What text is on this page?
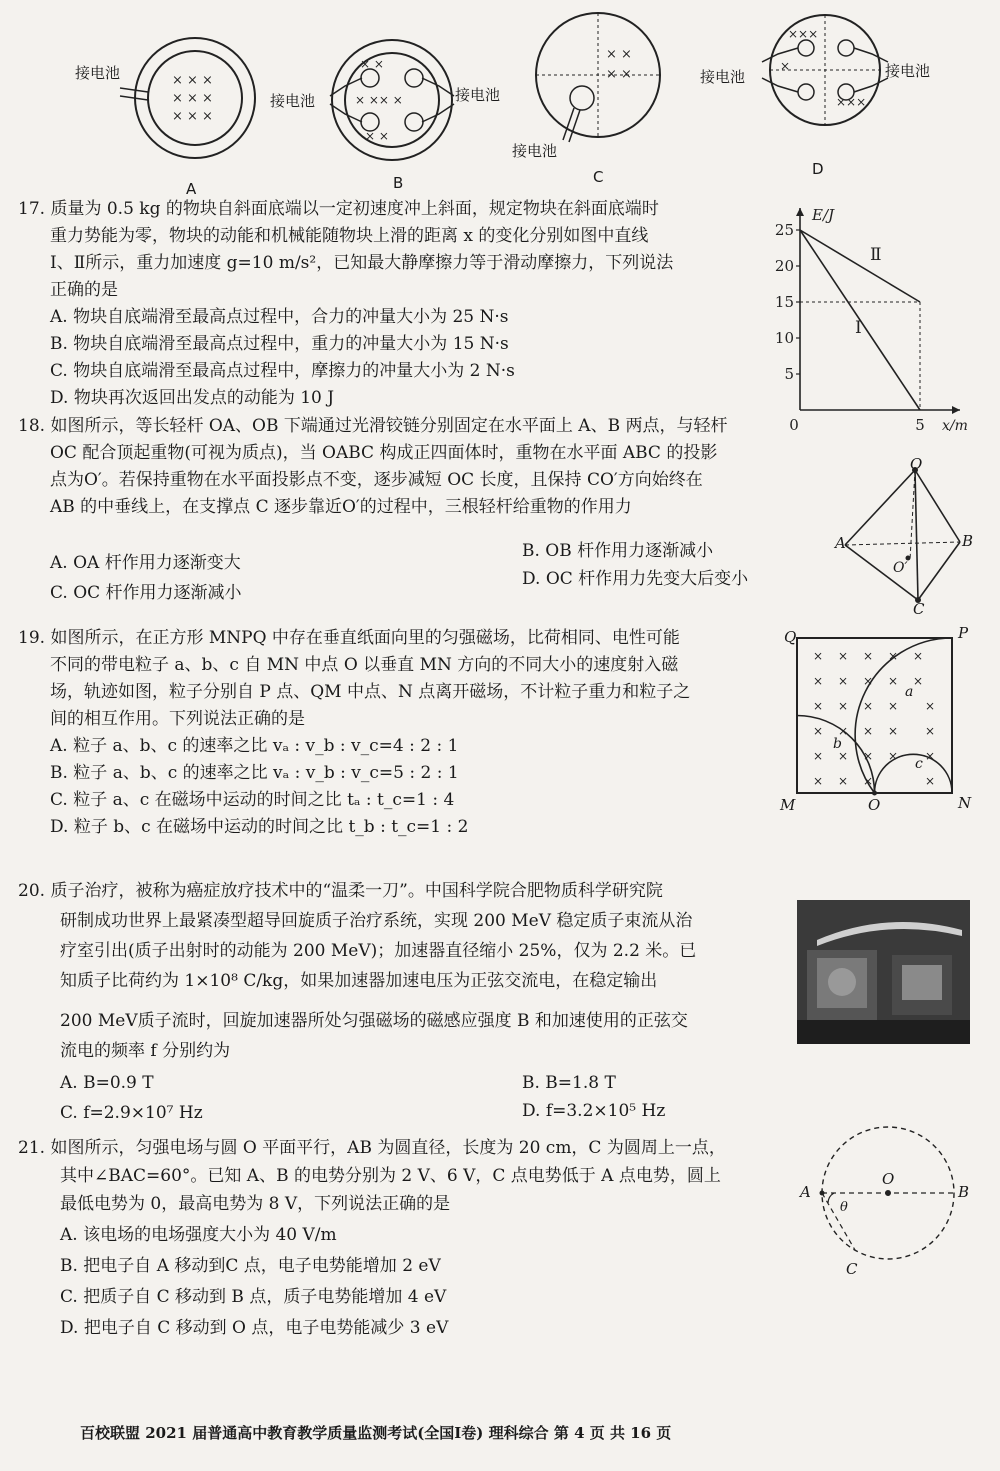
× × ×
× × ×
× × ×
× ×
× ×× ×
× ×
× ×
× ×
×××
×
×××
接电池
接电池	接电池
接电池
接电池	接电池
A	B	C	D
17. 质量为 0.5 kg 的物块自斜面底端以一定初速度冲上斜面，规定物块在斜面底端时
重力势能为零，物块的动能和机械能随物块上滑的距离 x 的变化分别如图中直线
Ⅰ、Ⅱ所示，重力加速度 g=10 m/s²，已知最大静摩擦力等于滑动摩擦力，下列说法
正确的是
A. 物块自底端滑至最高点过程中，合力的冲量大小为 25 N·s
B. 物块自底端滑至最高点过程中，重力的冲量大小为 15 N·s
C. 物块自底端滑至最高点过程中，摩擦力的冲量大小为 2 N·s
D. 物块再次返回出发点的动能为 10 J
5
10
15
20
25
0	5
E/J
x/m
Ⅰ
Ⅱ
18. 如图所示，等长轻杆 OA、OB 下端通过光滑铰链分别固定在水平面上 A、B 两点，与轻杆
OC 配合顶起重物(可视为质点)，当 OABC 构成正四面体时，重物在水平面 ABC 的投影
点为O′。若保持重物在水平面投影点不变，逐步减短 OC 长度，且保持 CO′方向始终在
AB 的中垂线上，在支撑点 C 逐步靠近O′的过程中，三根轻杆给重物的作用力
A. OA 杆作用力逐渐变大
B. OB 杆作用力逐渐减小
C. OC 杆作用力逐渐减小
D. OC 杆作用力先变大后变小
O
A	B
C
O′
19. 如图所示，在正方形 MNPQ 中存在垂直纸面向里的匀强磁场，比荷相同、电性可能
不同的带电粒子 a、b、c 自 MN 中点 O 以垂直 MN 方向的不同大小的速度射入磁
场，轨迹如图，粒子分别自 P 点、QM 中点、N 点离开磁场，不计粒子重力和粒子之
间的相互作用。下列说法正确的是
A. 粒子 a、b、c 的速率之比 vₐ : v_b : v_c=4 : 2 : 1
B. 粒子 a、b、c 的速率之比 vₐ : v_b : v_c=5 : 2 : 1
C. 粒子 a、c 在磁场中运动的时间之比 tₐ : t_c=1 : 4
D. 粒子 b、c 在磁场中运动的时间之比 t_b : t_c=1 : 2
× × × × ×
× × × × ×
× × × × ×
× × × × ×
× × × × ×
× × ×	×
Q	P
M	N
O
a
b
c
20. 质子治疗，被称为癌症放疗技术中的“温柔一刀”。中国科学院合肥物质科学研究院
研制成功世界上最紧凑型超导回旋质子治疗系统，实现 200 MeV 稳定质子束流从治
疗室引出(质子出射时的动能为 200 MeV)；加速器直径缩小 25%，仅为 2.2 米。已
知质子比荷约为 1×10⁸ C/kg，如果加速器加速电压为正弦交流电，在稳定输出
200 MeV质子流时，回旋加速器所处匀强磁场的磁感应强度 B 和加速使用的正弦交
流电的频率 f 分别约为
A. B=0.9 T	B. B=1.8 T
C. f=2.9×10⁷ Hz	D. f=3.2×10⁵ Hz
21. 如图所示，匀强电场与圆 O 平面平行，AB 为圆直径，长度为 20 cm，C 为圆周上一点，
其中∠BAC=60°。已知 A、B 的电势分别为 2 V、6 V，C 点电势低于 A 点电势，圆上
最低电势为 0，最高电势为 8 V，下列说法正确的是
A. 该电场的电场强度大小为 40 V/m
B. 把电子自 A 移动到C 点，电子电势能增加 2 eV
C. 把质子自 C 移动到 B 点，质子电势能增加 4 eV
D. 把电子自 C 移动到 O 点，电子电势能减少 3 eV
A	B
O
C
θ
百校联盟 2021 届普通高中教育教学质量监测考试(全国Ⅰ卷) 理科综合 第 4 页 共 16 页
